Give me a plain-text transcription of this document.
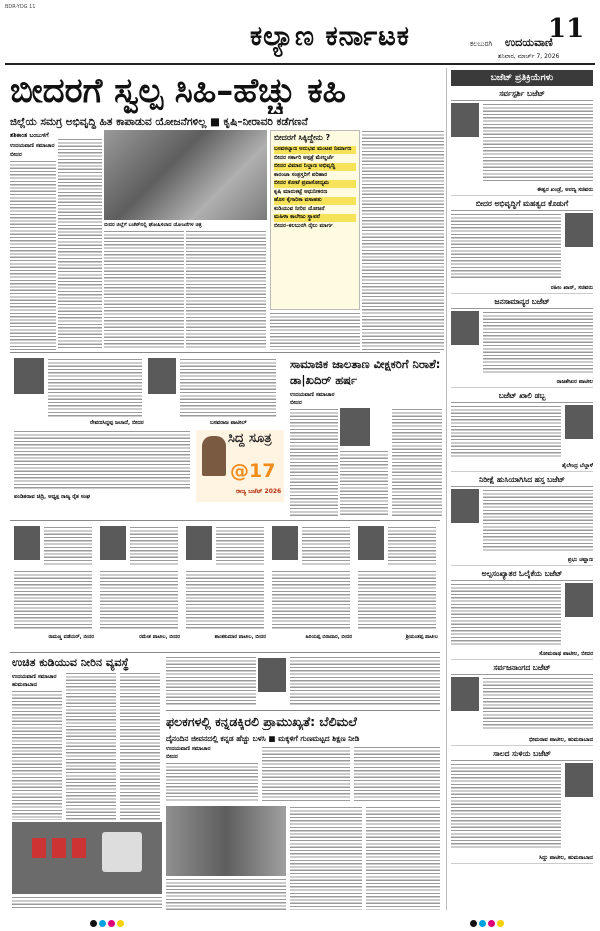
BDR-YDG 11
ಕಲ್ಯಾಣ ಕರ್ನಾಟಕ	11
ಕಲಬುರಗಿ ಉದಯವಾಣಿ
ಶನಿವಾರ, ಮಾರ್ಚ್ 7, 2026
ಬೀದರಗೆ ಸ್ವಲ್ಪ ಸಿಹಿ–ಹೆಚ್ಚು ಕಹಿ
ಜಿಲ್ಲೆಯ ಸಮಗ್ರ ಅಭಿವೃದ್ಧಿ ಹಿತ ಕಾಪಾಡುವ ಯೋಜನೆಗಳಿಲ್ಲ ■ ಕೃಷಿ–ನೀರಾವರಿ ಕಡೆಗಣನೆ
ಶಶಿಕಾಂತ ಬಂಬುಳಗೆ
ಉದಯವಾಣಿ ಸಮಾಚಾರ
ಬೀದರ
ಬೀದರಗೆ ಸಿಕ್ಕಿದ್ದೇನು ?
ಬಸವಕಲ್ಯಾಣ ಅನುಭವ ಮಂಟಪ ನಿರ್ಮಾಣ
ಬೀದರ ಸರ್ಕಾರಿ ಆಸ್ಪತ್ರೆ ಮೇಲ್ದರ್ಜೆ
ಬೀದರ ವಿಮಾನ ನಿಲ್ದಾಣ ಅಭಿವೃದ್ಧಿ
ಕಾರಂಜಾ ಸಂತ್ರಸ್ತರಿಗೆ ಪರಿಹಾರ
ಬೀದರ ಕೋಟೆ ಪ್ರವಾಸೋದ್ಯಮ
ಕೃಷಿ ಮಾರುಕಟ್ಟೆ ಆಧುನೀಕರಣ
ಹೊಸ ಕೈಗಾರಿಕಾ ವಸಾಹತು
ಕುಡಿಯುವ ನೀರಿನ ಯೋಜನೆ
ಮಹಿಳಾ ಕಾಲೇಜು ಸ್ಥಾಪನೆ
ಬೀದರ–ಕಲಬುರಗಿ ರೈಲು ಮಾರ್ಗ
ಬೀದರ ಜಿಲ್ಲೆಗೆ ಬಜೆಟ್‌ನಲ್ಲಿ ಘೋಷಿಸಲಾದ ಯೋಜನೆಗಳ ಚಿತ್ರ
ರೇವಣಸಿದ್ದಪ್ಪ ಜಲಾದೆ, ಬೀದರ	ಬಸವರಾಜ ಪಾಟೀಲ್
ಪಂಡಿತರಾವ ಚಿದ್ರಿ, ಅಧ್ಯಕ್ಷ ರಾಜ್ಯ ರೈತ ಸಂಘ
ಸಿದ್ದ ಸೂತ್ರ
@17
ರಾಜ್ಯ ಬಜೆಟ್ 2026
ಸಾಮಾಜಿಕ ಜಾಲತಾಣ ವೀಕ್ಷಕರಿಗೆ ನಿರಾಶೆ: ಡಾ|ಖದಿರ್ ಹರ್ಷ
ಉದಯವಾಣಿ ಸಮಾಚಾರ
ಬೀದರ
ರಾಮಣ್ಣ ವಡೆಯರ್, ಬೀದರ	ರಮೇಶ ಪಾಟೀಲ, ಬೀದರ	ಶಾಂತಕುಮಾರ ಪಾಟೀಲ, ಬೀದರ	ಹಿರಿಯಪ್ಪ ಬಿರಾದಾರ, ಬೀದರ	ಶ್ರೀಮಂತಪ್ಪ ಪಾಟೀಲ
ಉಚಿತ ಕುಡಿಯುವ ನೀರಿನ ವ್ಯವಸ್ಥೆ
ಉದಯವಾಣಿ ಸಮಾಚಾರ
ಹುಮನಾಬಾದ
ಫಲಕಗಳಲ್ಲಿ ಕನ್ನಡಕ್ಕಿರಲಿ ಪ್ರಾಮುಖ್ಯತೆ: ಬೆಲಿಮಲೆ
ದೈನಂದಿನ ಜೀವನದಲ್ಲಿ ಕನ್ನಡ ಹೆಚ್ಚು ಬಳಸಿ ■ ಮಕ್ಕಳಿಗೆ ಗುಣಮಟ್ಟದ ಶಿಕ್ಷಣ ನೀಡಿ
ಉದಯವಾಣಿ ಸಮಾಚಾರ
ಬೀದರ
ಬಜೆಟ್ ಪ್ರತಿಕ್ರಿಯೆಗಳು
ಸರ್ವಸ್ಪರ್ಶಿ ಬಜೆಟ್
ಈಶ್ವರ ಖಂಡ್ರೆ, ಅರಣ್ಯ ಸಚಿವರು
ಬೀದರ ಅಭಿವೃದ್ಧಿಗೆ ಮಹತ್ವದ ಕೊಡುಗೆ
ರಹೀಂ ಖಾನ್, ಸಚಿವರು
ಜನಸಾಮಾನ್ಯರ ಬಜೆಟ್
ರಾಜಶೇಖರ ಪಾಟೀಲ
ಬಜೆಟ್ ಖಾಲಿ ಡಬ್ಬ
ಶೈಲೇಂದ್ರ ಬೆಲ್ದಾಳೆ
ನಿರೀಕ್ಷೆ ಹುಸಿಯಾಗಿಸಿದ ಹಸ್ತ ಬಜೆಟ್
ಪ್ರಭು ಚವ್ಹಾಣ
ಅಲ್ಪಸಂಖ್ಯಾತರ ಓಲೈಕೆಯ ಬಜೆಟ್
ಸೋಮನಾಥ ಪಾಟೀಲ, ಬೀದರ
ಸರ್ವಜನಾಂಗದ ಬಜೆಟ್
ಭೀಮರಾವ ಪಾಟೀಲ, ಹುಮನಾಬಾದ
ಸಾಲದ ಸುಳಿಯ ಬಜೆಟ್
ಸಿದ್ದು ಪಾಟೀಲ, ಹುಮನಾಬಾದ
